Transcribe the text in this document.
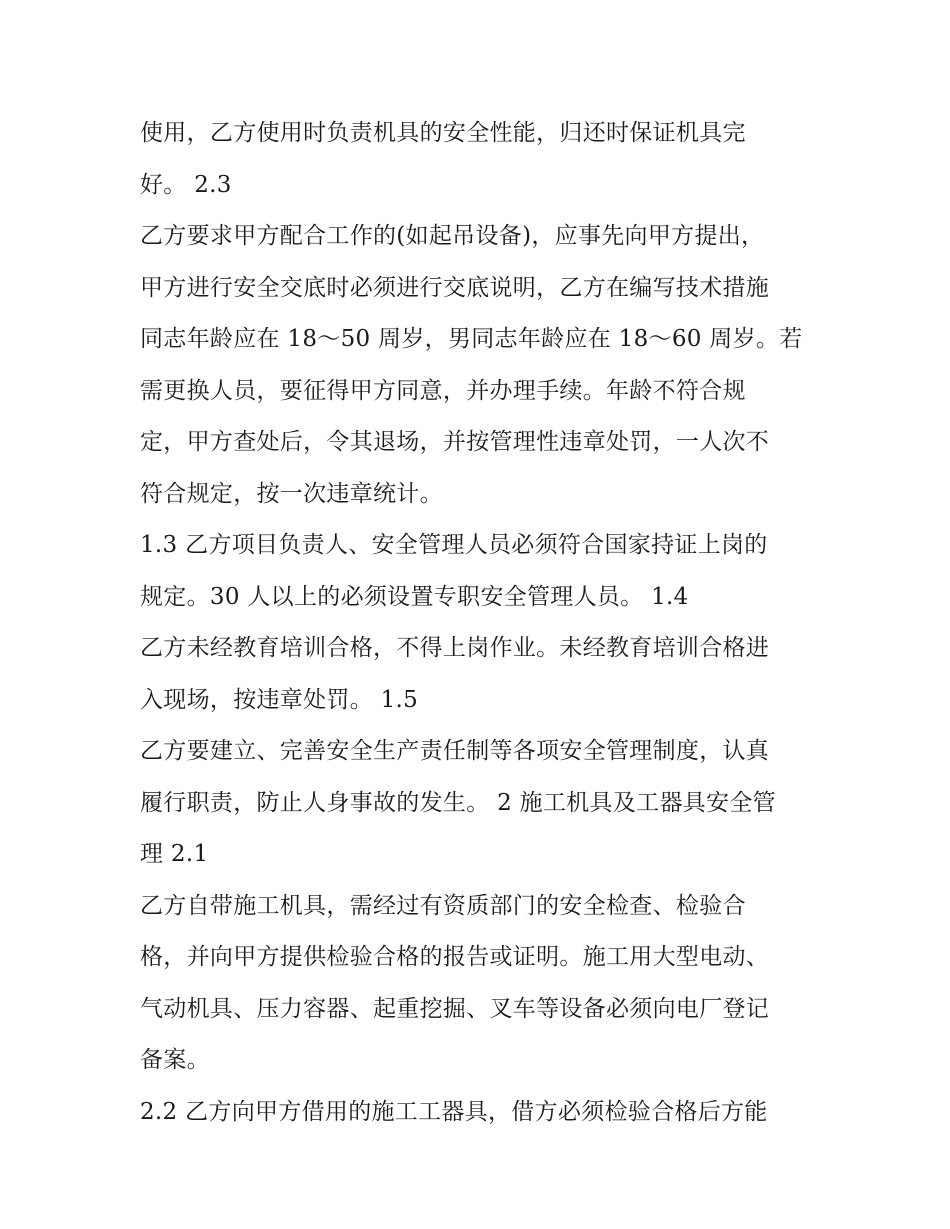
使用，乙方使用时负责机具的安全性能，归还时保证机具完
好。 2.3
乙方要求甲方配合工作的(如起吊设备)，应事先向甲方提出，
甲方进行安全交底时必须进行交底说明，乙方在编写技术措施
同志年龄应在 18～50 周岁，男同志年龄应在 18～60 周岁。若
需更换人员，要征得甲方同意，并办理手续。年龄不符合规
定，甲方查处后，令其退场，并按管理性违章处罚，一人次不
符合规定，按一次违章统计。
1.3 乙方项目负责人、安全管理人员必须符合国家持证上岗的
规定。30 人以上的必须设置专职安全管理人员。 1.4
乙方未经教育培训合格，不得上岗作业。未经教育培训合格进
入现场，按违章处罚。 1.5
乙方要建立、完善安全生产责任制等各项安全管理制度，认真
履行职责，防止人身事故的发生。 2 施工机具及工器具安全管
理 2.1
乙方自带施工机具，需经过有资质部门的安全检查、检验合
格，并向甲方提供检验合格的报告或证明。施工用大型电动、
气动机具、压力容器、起重挖掘、叉车等设备必须向电厂登记
备案。
2.2 乙方向甲方借用的施工工器具，借方必须检验合格后方能
